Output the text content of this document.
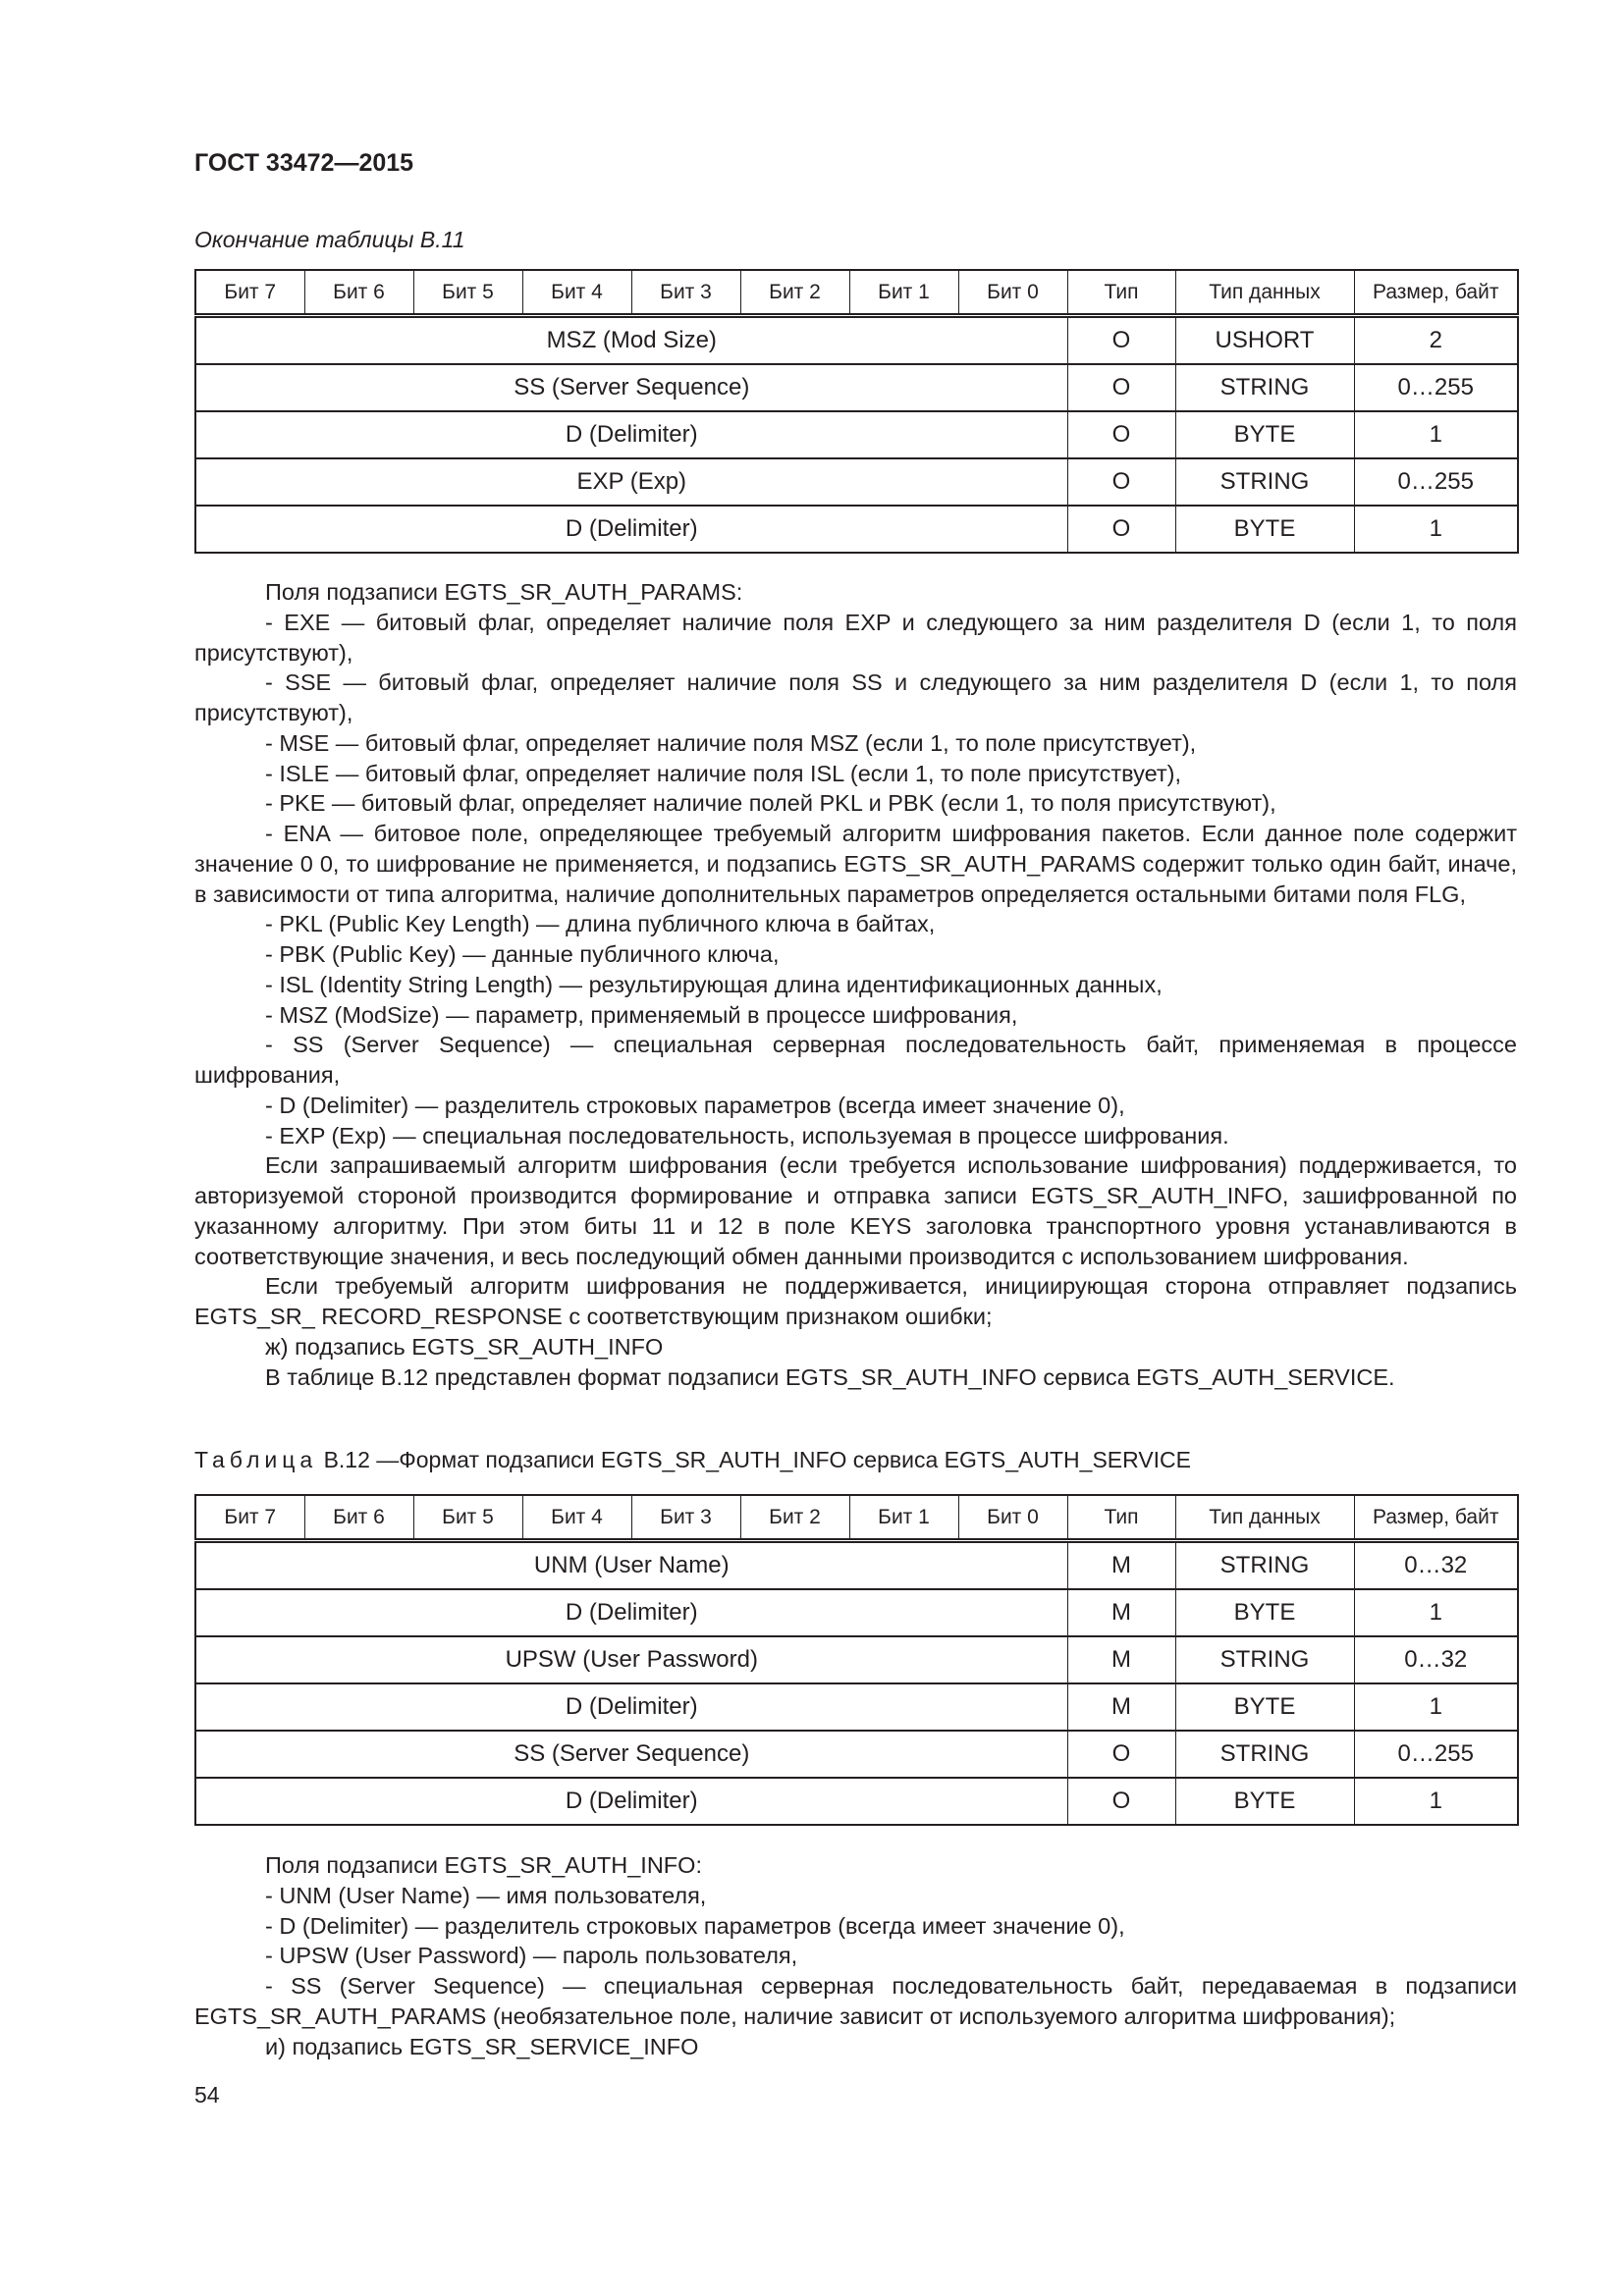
ГОСТ 33472—2015
Окончание таблицы В.11
Бит 7	Бит 6	Бит 5	Бит 4	Бит 3	Бит 2	Бит 1	Бит 0	Тип	Тип данных	Размер, байт
MSZ (Mod Size)								O	USHORT	2
SS (Server Sequence)								O	STRING	0…255
D (Delimiter)								O	BYTE	1
EXP (Exp)								O	STRING	0…255
D (Delimiter)								O	BYTE	1

Поля подзаписи EGTS_SR_AUTH_PARAMS:

- EXE — битовый флаг, определяет наличие поля EXP и следующего за ним разделителя D (если 1, то поля присутствуют),

- SSE — битовый флаг, определяет наличие поля SS и следующего за ним разделителя D (если 1, то поля присутствуют),

- MSE — битовый флаг, определяет наличие поля MSZ (если 1, то поле присутствует),

- ISLE — битовый флаг, определяет наличие поля ISL (если 1, то поле присутствует),

- PKE — битовый флаг, определяет наличие полей PKL и PBK (если 1, то поля присутствуют),

- ENA — битовое поле, определяющее требуемый алгоритм шифрования пакетов. Если данное поле содержит значение 0 0, то шифрование не применяется, и подзапись EGTS_SR_AUTH_PARAMS содержит только один байт, иначе, в зависимости от типа алгоритма, наличие дополнительных параметров определяется остальными битами поля FLG,

- PKL (Public Key Length) — длина публичного ключа в байтах,

- PBK (Public Key) — данные публичного ключа,

- ISL (Identity String Length) — результирующая длина идентификационных данных,

- MSZ (ModSize) — параметр, применяемый в процессе шифрования,

- SS (Server Sequence) — специальная серверная последовательность байт, применяемая в процессе шифрования,

- D (Delimiter) — разделитель строковых параметров (всегда имеет значение 0),

- EXP (Exp) — специальная последовательность, используемая в процессе шифрования.

Если запрашиваемый алгоритм шифрования (если требуется использование шифрования) поддерживается, то авторизуемой стороной производится формирование и отправка записи EGTS_SR_AUTH_INFO, зашифрованной по указанному алгоритму. При этом биты 11 и 12 в поле KEYS заголовка транспортного уровня устанавливаются в соответствующие значения, и весь последующий обмен данными производится с использованием шифрования.

Если требуемый алгоритм шифрования не поддерживается, инициирующая сторона отправляет подзапись EGTS_SR_ RECORD_RESPONSE с соответствующим признаком ошибки;

ж) подзапись EGTS_SR_AUTH_INFO

В таблице В.12 представлен формат подзаписи EGTS_SR_AUTH_INFO сервиса EGTS_AUTH_SERVICE.

Таблица В.12 —Формат подзаписи EGTS_SR_AUTH_INFO сервиса EGTS_AUTH_SERVICE
Бит 7	Бит 6	Бит 5	Бит 4	Бит 3	Бит 2	Бит 1	Бит 0	Тип	Тип данных	Размер, байт
UNM (User Name)								M	STRING	0…32
D (Delimiter)								M	BYTE	1
UPSW (User Password)								M	STRING	0…32
D (Delimiter)								M	BYTE	1
SS (Server Sequence)								O	STRING	0…255
D (Delimiter)								O	BYTE	1

Поля подзаписи EGTS_SR_AUTH_INFO:

- UNM (User Name) — имя пользователя,

- D (Delimiter) — разделитель строковых параметров (всегда имеет значение 0),

- UPSW (User Password) — пароль пользователя,

- SS (Server Sequence) — специальная серверная последовательность байт, передаваемая в подзаписи EGTS_SR_AUTH_PARAMS (необязательное поле, наличие зависит от используемого алгоритма шифрования);

и) подзапись EGTS_SR_SERVICE_INFO

54
